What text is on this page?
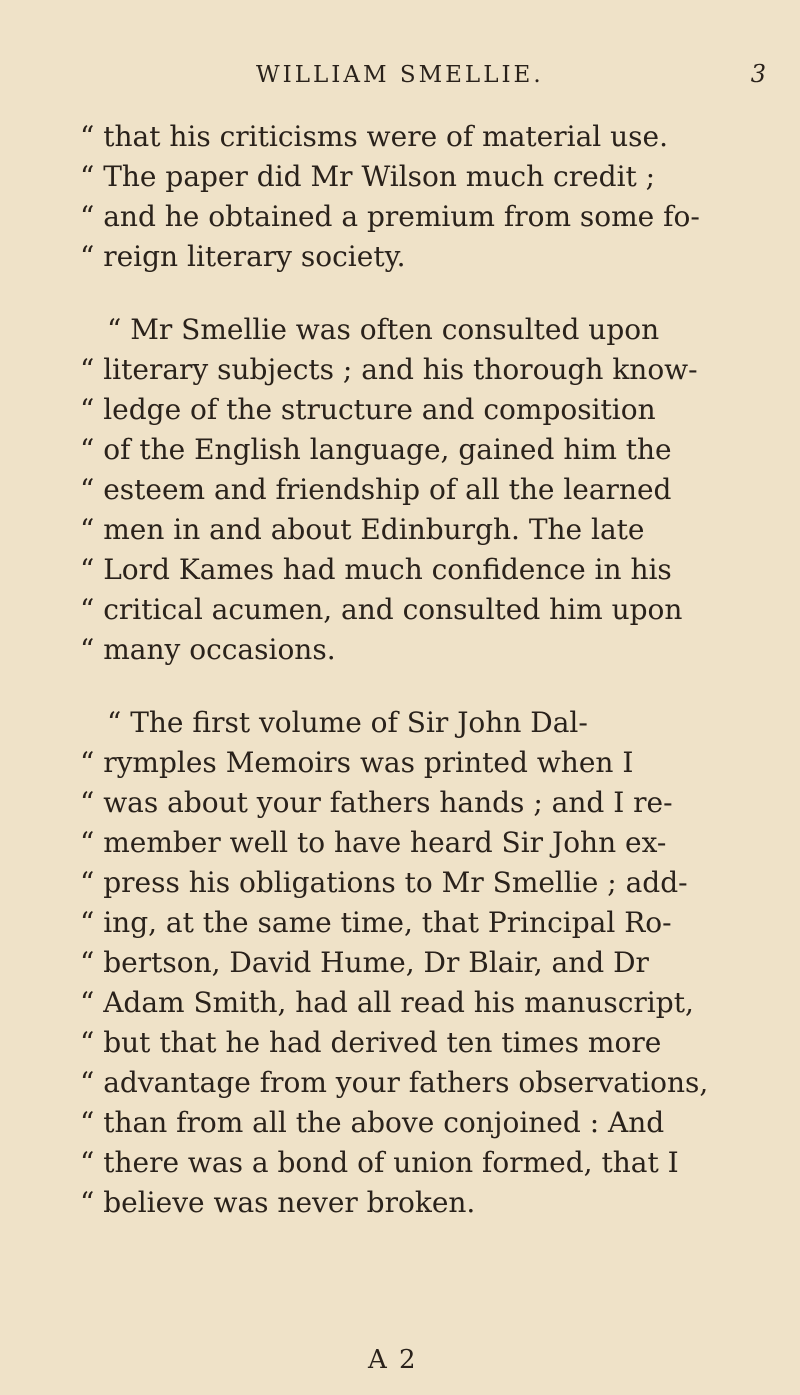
WILLIAM SMELLIE.	3
“ that his criticisms were of material use.
“ The paper did Mr Wilson much credit ;
“ and he obtained a premium from some fo-
“ reign literary society.
“ Mr Smellie was often consulted upon
“ literary subjects ; and his thorough know-
“ ledge of the structure and composition
“ of the English language, gained him the
“ esteem and friendship of all the learned
“ men in and about Edinburgh. The late
“ Lord Kames had much confidence in his
“ critical acumen, and consulted him upon
“ many occasions.
“ The first volume of Sir John Dal-
“ rymples Memoirs was printed when I
“ was about your fathers hands ; and I re-
“ member well to have heard Sir John ex-
“ press his obligations to Mr Smellie ; add-
“ ing, at the same time, that Principal Ro-
“ bertson, David Hume, Dr Blair, and Dr
“ Adam Smith, had all read his manuscript,
“ but that he had derived ten times more
“ advantage from your fathers observations,
“ than from all the above conjoined : And
“ there was a bond of union formed, that I
“ believe was never broken.
A 2
